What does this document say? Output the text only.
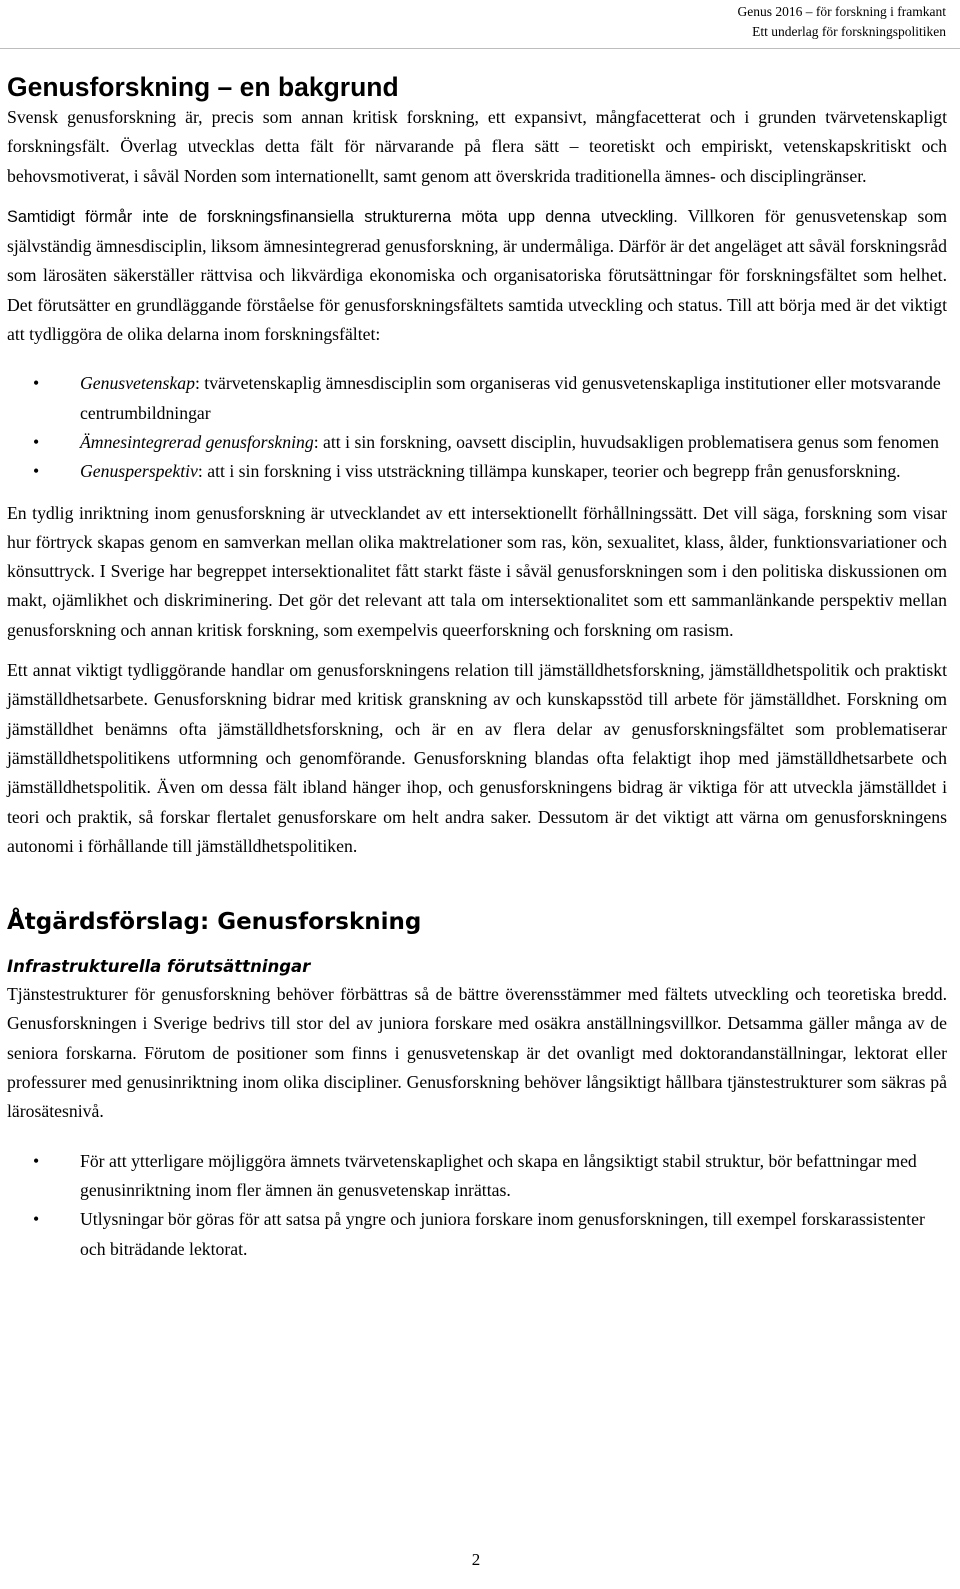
Genus 2016 – för forskning i framkant
Ett underlag för forskningspolitiken
Genusforskning – en bakgrund

Svensk genusforskning är, precis som annan kritisk forskning, ett expansivt, mångfacetterat och i grunden tvärvetenskapligt forskningsfält. Överlag utvecklas detta fält för närvarande på flera sätt – teoretiskt och empiriskt, vetenskapskritiskt och behovsmotiverat, i såväl Norden som internationellt, samt genom att överskrida traditionella ämnes- och disciplingränser.

Samtidigt förmår inte de forskningsfinansiella strukturerna möta upp denna utveckling. Villkoren för genusvetenskap som självständig ämnesdisciplin, liksom ämnesintegrerad genusforskning, är undermåliga. Därför är det angeläget att såväl forskningsråd som lärosäten säkerställer rättvisa och likvärdiga ekonomiska och organisatoriska förutsättningar för forskningsfältet som helhet. Det förutsätter en grundläggande förståelse för genusforskningsfältets samtida utveckling och status. Till att börja med är det viktigt att tydliggöra de olika delarna inom forskningsfältet:

• Genusvetenskap: tvärvetenskaplig ämnesdisciplin som organiseras vid genusvetenskapliga institutioner eller motsvarande centrumbildningar
• Ämnesintegrerad genusforskning: att i sin forskning, oavsett disciplin, huvudsakligen problematisera genus som fenomen
• Genusperspektiv: att i sin forskning i viss utsträckning tillämpa kunskaper, teorier och begrepp från genusforskning.

En tydlig inriktning inom genusforskning är utvecklandet av ett intersektionellt förhållningssätt. Det vill säga, forskning som visar hur förtryck skapas genom en samverkan mellan olika maktrelationer som ras, kön, sexualitet, klass, ålder, funktionsvariationer och könsuttryck. I Sverige har begreppet intersektionalitet fått starkt fäste i såväl genusforskningen som i den politiska diskussionen om makt, ojämlikhet och diskriminering. Det gör det relevant att tala om intersektionalitet som ett sammanlänkande perspektiv mellan genusforskning och annan kritisk forskning, som exempelvis queerforskning och forskning om rasism.

Ett annat viktigt tydliggörande handlar om genusforskningens relation till jämställdhetsforskning, jämställdhetspolitik och praktiskt jämställdhetsarbete. Genusforskning bidrar med kritisk granskning av och kunskapsstöd till arbete för jämställdhet. Forskning om jämställdhet benämns ofta jämställdhetsforskning, och är en av flera delar av genusforskningsfältet som problematiserar jämställdhetspolitikens utformning och genomförande. Genusforskning blandas ofta felaktigt ihop med jämställdhetsarbete och jämställdhetspolitik. Även om dessa fält ibland hänger ihop, och genusforskningens bidrag är viktiga för att utveckla jämställdet i teori och praktik, så forskar flertalet genusforskare om helt andra saker. Dessutom är det viktigt att värna om genusforskningens autonomi i förhållande till jämställdhetspolitiken.

Åtgärdsförslag: Genusforskning
Infrastrukturella förutsättningar

Tjänstestrukturer för genusforskning behöver förbättras så de bättre överensstämmer med fältets utveckling och teoretiska bredd. Genusforskningen i Sverige bedrivs till stor del av juniora forskare med osäkra anställningsvillkor. Detsamma gäller många av de seniora forskarna. Förutom de positioner som finns i genusvetenskap är det ovanligt med doktorandanställningar, lektorat eller professurer med genusinriktning inom olika discipliner. Genusforskning behöver långsiktigt hållbara tjänstestrukturer som säkras på lärosätesnivå.

• För att ytterligare möjliggöra ämnets tvärvetenskaplighet och skapa en långsiktigt stabil struktur, bör befattningar med genusinriktning inom fler ämnen än genusvetenskap inrättas.
• Utlysningar bör göras för att satsa på yngre och juniora forskare inom genusforskningen, till exempel forskarassistenter och biträdande lektorat.
2
